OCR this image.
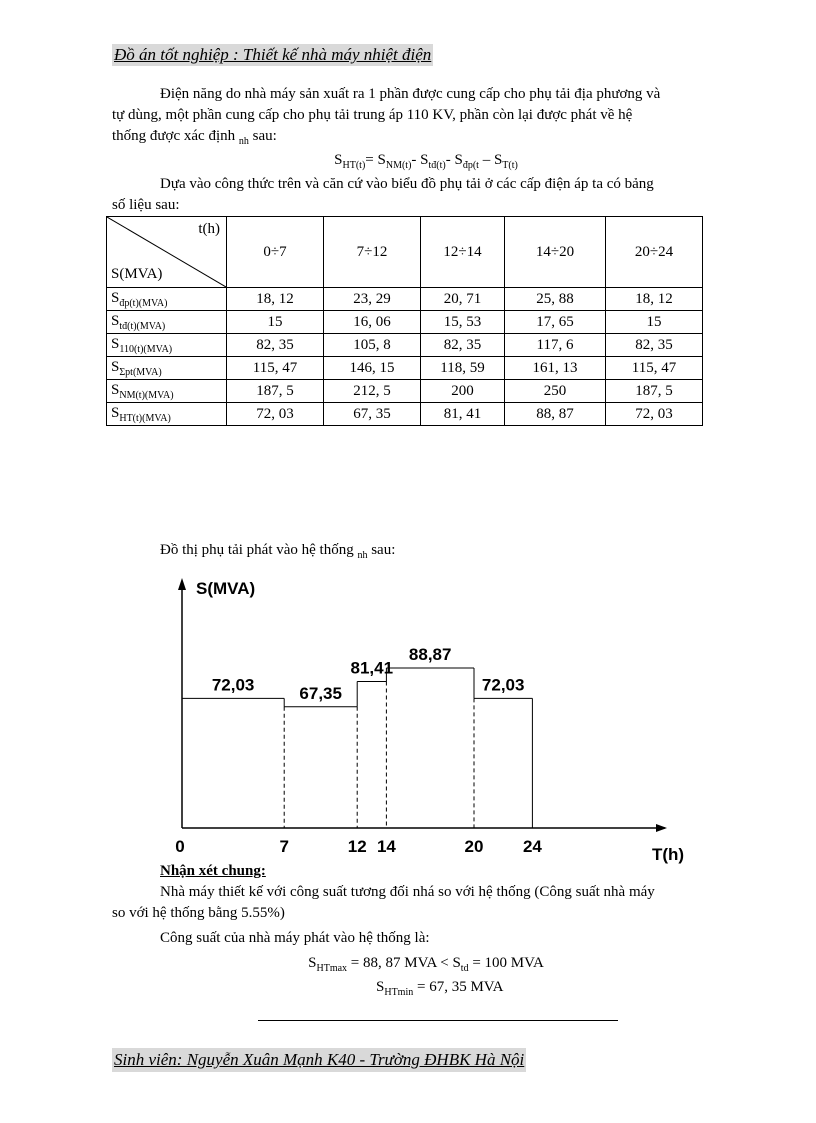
Đồ án tốt nghiệp : Thiết kế nhà máy nhiệt điện
Điện năng do nhà máy sản xuất ra 1 phần được cung cấp cho phụ tải địa phương và
tự dùng, một phần cung cấp cho phụ tải trung áp 110 KV, phần còn lại được phát về hệ
thống được xác định $_{nh}$ sau:
$S_{HT(t)}= S_{NM(t)}-$ $S_{tđ(t)}-$ $S_{đp(t} - S_{T(t)}$
Dựa vào công thức trên và căn cứ vào biểu đồ phụ tải ở các cấp điện áp ta có bảng
số liệu sau:
t(h)
S(MVA)	0÷7	7÷12	12÷14	14÷20	20÷24
$S_{đp(t)(MVA)}$	18, 12	23, 29	20, 71	25, 88	18, 12
$S_{tđ(t)(MVA)}$	15	16, 06	15, 53	17, 65	15
$S_{110(t)(MVA)}$	82, 35	105, 8	82, 35	117, 6	82, 35
$S_{\Sigma pt(MVA)}$	115, 47	146, 15	118, 59	161, 13	115, 47
$S_{NM(t)(MVA)}$	187, 5	212, 5	200	250	187, 5
$S_{HT(t)(MVA)}$	72, 03	67, 35	81, 41	88, 87	72, 03
Đồ thị phụ tải phát vào hệ thống $_{nh}$ sau:
S(MVA)
T(h)
72,03	67,35
81,41
88,87
72,03
0	7	12 14	20 24
Nhận xét chung:
Nhà máy thiết kế với công suất tương đối nhá so với hệ thống (Công suất nhà máy
so với hệ thống bằng 5.55%)
Công suất của nhà máy phát vào hệ thống là:
$S_{HTmax} = 88$, 87 MVA < $S_{td} = 100$ MVA
$S_{HTmin} = 67$, 35 MVA
Sinh viên: Nguyễn Xuân Mạnh K40 - Trường ĐHBK Hà Nội
